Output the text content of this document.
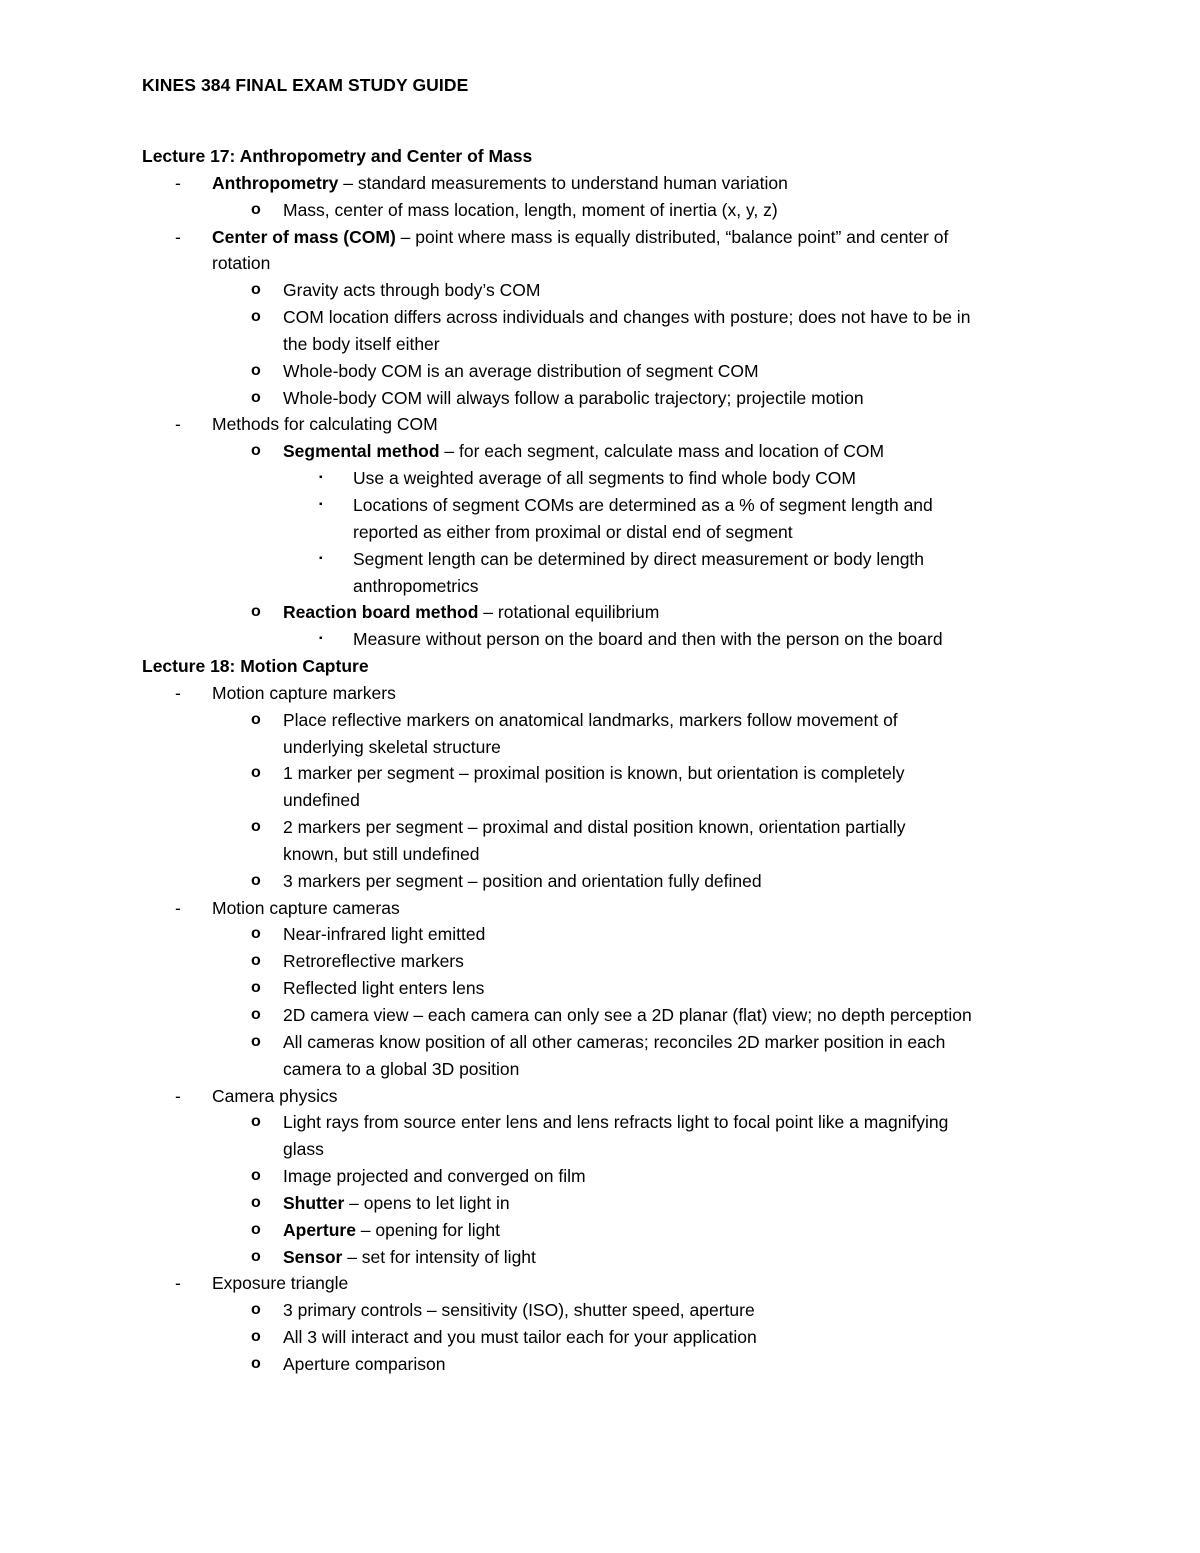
KINES 384 FINAL EXAM STUDY GUIDE
Lecture 17: Anthropometry and Center of Mass
- Anthropometry – standard measurements to understand human variation
o Mass, center of mass location, length, moment of inertia (x, y, z)
- Center of mass (COM) – point where mass is equally distributed, “balance point” and center of
rotation
o Gravity acts through body’s COM
o COM location differs across individuals and changes with posture; does not have to be in
the body itself either
o Whole-body COM is an average distribution of segment COM
o Whole-body COM will always follow a parabolic trajectory; projectile motion
- Methods for calculating COM
o Segmental method – for each segment, calculate mass and location of COM
▪ Use a weighted average of all segments to find whole body COM
▪ Locations of segment COMs are determined as a % of segment length and
reported as either from proximal or distal end of segment
▪ Segment length can be determined by direct measurement or body length
anthropometrics
o Reaction board method – rotational equilibrium
▪ Measure without person on the board and then with the person on the board
Lecture 18: Motion Capture
- Motion capture markers
o Place reflective markers on anatomical landmarks, markers follow movement of
underlying skeletal structure
o 1 marker per segment – proximal position is known, but orientation is completely
undefined
o 2 markers per segment – proximal and distal position known, orientation partially
known, but still undefined
o 3 markers per segment – position and orientation fully defined
- Motion capture cameras
o Near-infrared light emitted
o Retroreflective markers
o Reflected light enters lens
o 2D camera view – each camera can only see a 2D planar (flat) view; no depth perception
o All cameras know position of all other cameras; reconciles 2D marker position in each
camera to a global 3D position
- Camera physics
o Light rays from source enter lens and lens refracts light to focal point like a magnifying
glass
o Image projected and converged on film
o Shutter – opens to let light in
o Aperture – opening for light
o Sensor – set for intensity of light
- Exposure triangle
o 3 primary controls – sensitivity (ISO), shutter speed, aperture
o All 3 will interact and you must tailor each for your application
o Aperture comparison
